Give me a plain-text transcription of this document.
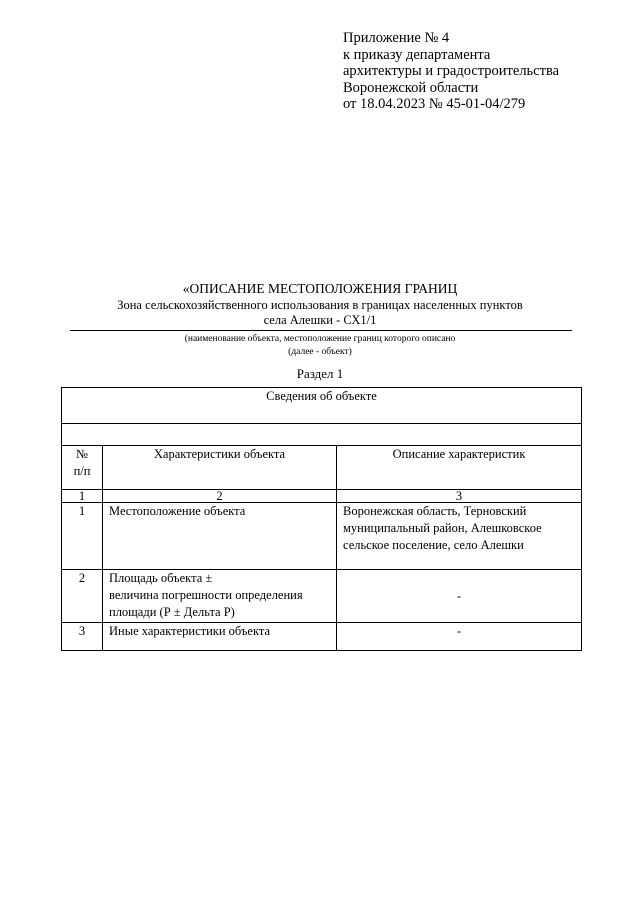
Приложение № 4
к приказу департамента
архитектуры и градостроительства
Воронежской области
от 18.04.2023 № 45-01-04/279
«ОПИСАНИЕ МЕСТОПОЛОЖЕНИЯ ГРАНИЦ
Зона сельскохозяйственного использования в границах населенных пунктов
села Алешки - СХ1/1
(наименование объекта, местоположение границ которого описано
(далее - объект)
Раздел 1
Сведения об объекте		

№
п/п	Характеристики объекта	Описание характеристик
1	2	3
1	Местоположение объекта	Воронежская область, Терновский
муниципальный район, Алешковское
сельское поселение, село Алешки

2	Площадь объекта ±
величина погрешности определения
площади (Р ± Дельта Р)	-
3	Иные характеристики объекта	-
